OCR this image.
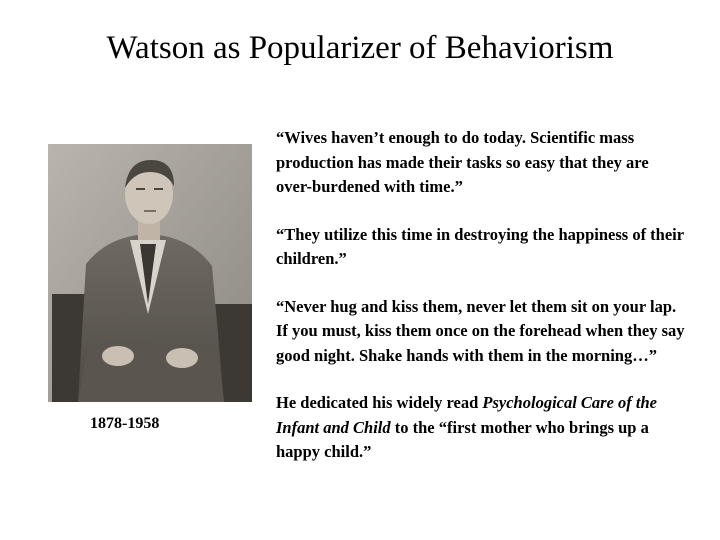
Watson as Popularizer of Behaviorism
1878-1958

“Wives haven’t enough to do today. Scientific mass production has made their tasks so easy that they are over-burdened with time.”

“They utilize this time in destroying the happiness of their children.”

“Never hug and kiss them, never let them sit on your lap. If you must, kiss them once on the forehead when they say good night. Shake hands with them in the morning…”

He dedicated his widely read Psychological Care of the Infant and Child to the “first mother who brings up a happy child.”
